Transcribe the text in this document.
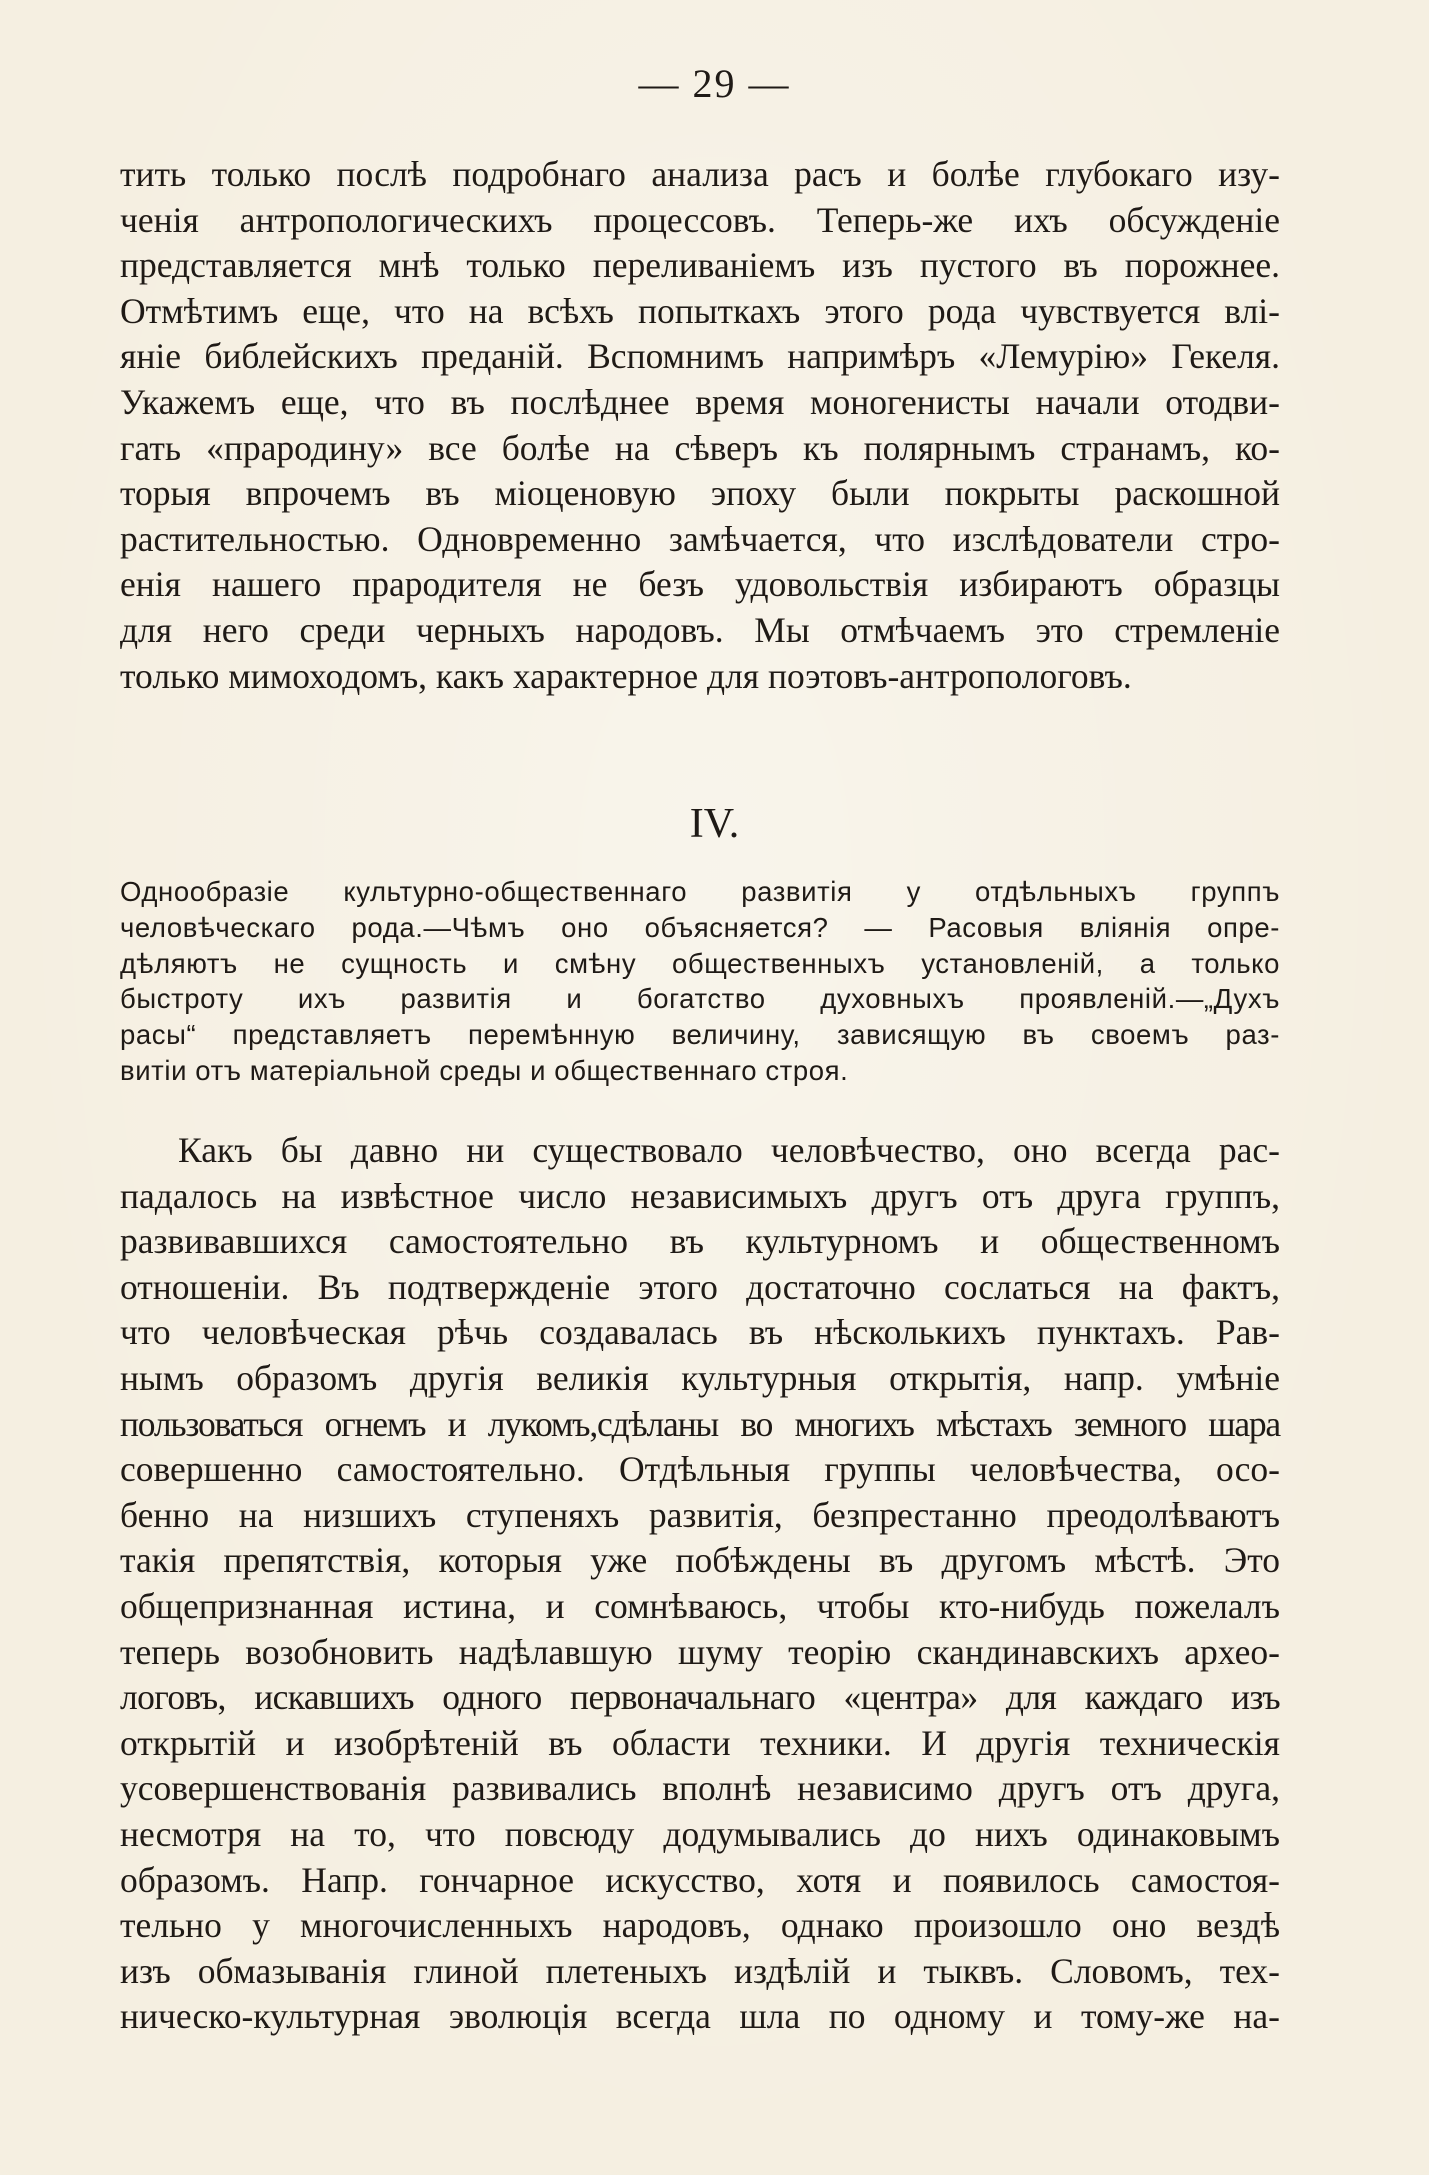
— 29 —
тить только послѣ подробнаго анализа расъ и болѣе глубокаго изу-
ченія антропологическихъ процессовъ. Теперь-же ихъ обсужденіе
представляется мнѣ только переливаніемъ изъ пустого въ порожнее.
Отмѣтимъ еще, что на всѣхъ попыткахъ этого рода чувствуется влі-
яніе библейскихъ преданій. Вспомнимъ напримѣръ «Лемурію» Гекеля.
Укажемъ еще, что въ послѣднее время моногенисты начали отодви-
гать «прародину» все болѣе на сѣверъ къ полярнымъ странамъ, ко-
торыя впрочемъ въ міоценовую эпоху были покрыты раскошной
растительностью. Одновременно замѣчается, что изслѣдователи стро-
енія нашего прародителя не безъ удовольствія избираютъ образцы
для него среди черныхъ народовъ. Мы отмѣчаемъ это стремленіе
только мимоходомъ, какъ характерное для поэтовъ-антропологовъ.
IV.
Однообразіе культурно-общественнаго развитія у отдѣльныхъ группъ
человѣческаго рода.—Чѣмъ оно объясняется? — Расовыя вліянія опре-
дѣляютъ не сущность и смѣну общественныхъ установленій, а только
быстроту ихъ развитія и богатство духовныхъ проявленій.—„Духъ
расы“ представляетъ перемѣнную величину, зависящую въ своемъ раз-
витіи отъ матеріальной среды и общественнаго строя.
Какъ бы давно ни существовало человѣчество, оно всегда рас-
падалось на извѣстное число независимыхъ другъ отъ друга группъ,
развивавшихся самостоятельно въ культурномъ и общественномъ
отношеніи. Въ подтвержденіе этого достаточно сослаться на фактъ,
что человѣческая рѣчь создавалась въ нѣсколькихъ пунктахъ. Рав-
нымъ образомъ другія великія культурныя открытія, напр. умѣніе
пользоваться огнемъ и лукомъ,сдѣланы во многихъ мѣстахъ земного шара
совершенно самостоятельно. Отдѣльныя группы человѣчества, осо-
бенно на низшихъ ступеняхъ развитія, безпрестанно преодолѣваютъ
такія препятствія, которыя уже побѣждены въ другомъ мѣстѣ. Это
общепризнанная истина, и сомнѣваюсь, чтобы кто-нибудь пожелалъ
теперь возобновить надѣлавшую шуму теорію скандинавскихъ архео-
логовъ, искавшихъ одного первоначальнаго «центра» для каждаго изъ
открытій и изобрѣтеній въ области техники. И другія техническія
усовершенствованія развивались вполнѣ независимо другъ отъ друга,
несмотря на то, что повсюду додумывались до нихъ одинаковымъ
образомъ. Напр. гончарное искусство, хотя и появилось самостоя-
тельно у многочисленныхъ народовъ, однако произошло оно вездѣ
изъ обмазыванія глиной плетеныхъ издѣлій и тыквъ. Словомъ, тех-
ническо-культурная эволюція всегда шла по одному и тому-же на-
